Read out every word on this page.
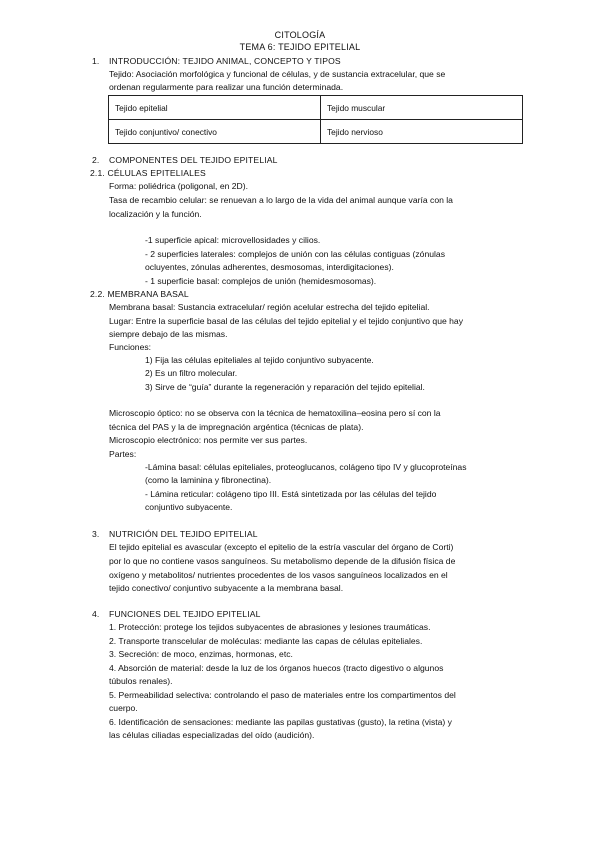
CITOLOGÍA
TEMA 6: TEJIDO EPITELIAL
1. INTRODUCCIÓN: TEJIDO ANIMAL, CONCEPTO Y TIPOS
Tejido: Asociación morfológica y funcional de células, y de sustancia extracelular, que se
ordenan regularmente para realizar una función determinada.
Tejido epitelial	Tejido muscular
Tejido conjuntivo/ conectivo	Tejido nervioso
2. COMPONENTES DEL TEJIDO EPITELIAL
2.1. CÉLULAS EPITELIALES
Forma: poliédrica (poligonal, en 2D).
Tasa de recambio celular: se renuevan a lo largo de la vida del animal aunque varía con la
localización y la función.
-1 superficie apical: microvellosidades y cilios.
- 2 superficies laterales: complejos de unión con las células contiguas (zónulas
ocluyentes, zónulas adherentes, desmosomas, interdigitaciones).
- 1 superficie basal: complejos de unión (hemidesmosomas).
2.2. MEMBRANA BASAL
Membrana basal: Sustancia extracelular/ región acelular estrecha del tejido epitelial.
Lugar: Entre la superficie basal de las células del tejido epitelial y el tejido conjuntivo que hay
siempre debajo de las mismas.
Funciones:
1) Fija las células epiteliales al tejido conjuntivo subyacente.
2) Es un filtro molecular.
3) Sirve de “guía” durante la regeneración y reparación del tejido epitelial.
Microscopio óptico: no se observa con la técnica de hematoxilina–eosina pero sí con la
técnica del PAS y la de impregnación argéntica (técnicas de plata).
Microscopio electrónico: nos permite ver sus partes.
Partes:
-Lámina basal: células epiteliales, proteoglucanos, colágeno tipo IV y glucoproteínas
(como la laminina y fibronectina).
- Lámina reticular: colágeno tipo III. Está sintetizada por las células del tejido
conjuntivo subyacente.
3. NUTRICIÓN DEL TEJIDO EPITELIAL
El tejido epitelial es avascular (excepto el epitelio de la estría vascular del órgano de Corti)
por lo que no contiene vasos sanguíneos. Su metabolismo depende de la difusión física de
oxígeno y metabolitos/ nutrientes procedentes de los vasos sanguíneos localizados en el
tejido conectivo/ conjuntivo subyacente a la membrana basal.
4. FUNCIONES DEL TEJIDO EPITELIAL
1. Protección: protege los tejidos subyacentes de abrasiones y lesiones traumáticas.
2. Transporte transcelular de moléculas: mediante las capas de células epiteliales.
3. Secreción: de moco, enzimas, hormonas, etc.
4. Absorción de material: desde la luz de los órganos huecos (tracto digestivo o algunos
túbulos renales).
5. Permeabilidad selectiva: controlando el paso de materiales entre los compartimentos del
cuerpo.
6. Identificación de sensaciones: mediante las papilas gustativas (gusto), la retina (vista) y
las células ciliadas especializadas del oído (audición).
